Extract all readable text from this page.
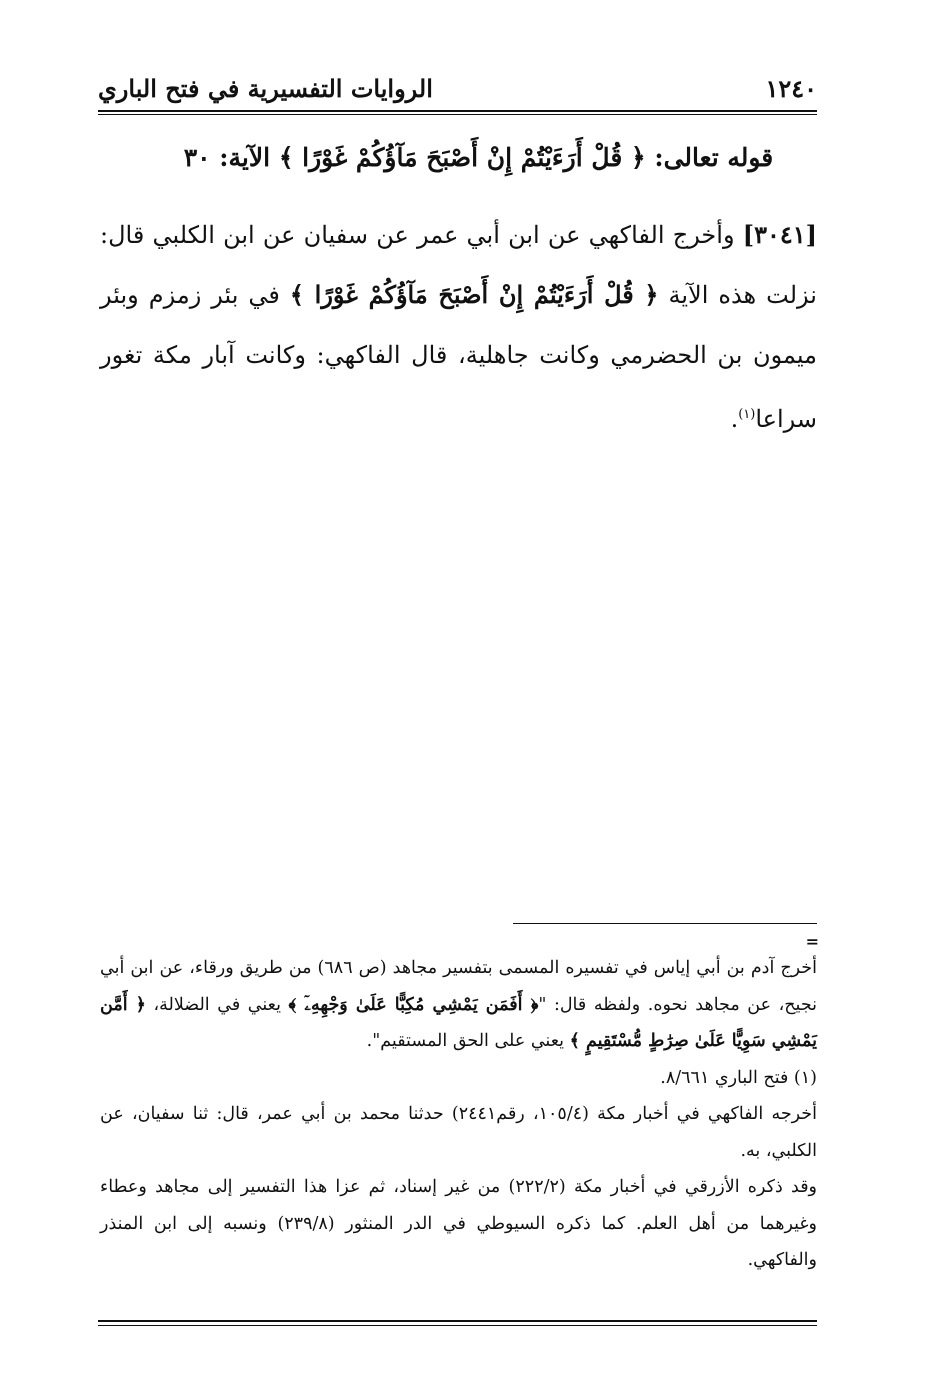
١٢٤٠
الروايات التفسيرية في فتح الباري
قوله تعالى: ﴿ قُلْ أَرَءَيْتُمْ إِنْ أَصْبَحَ مَآؤُكُمْ غَوْرًا ﴾ الآية: ٣٠
[٣٠٤١] وأخرج الفاكهي عن ابن أبي عمر عن سفيان عن ابن الكلبي قال: نزلت هذه الآية ﴿ قُلْ أَرَءَيْتُمْ إِنْ أَصْبَحَ مَآؤُكُمْ غَوْرًا ﴾ في بئر زمزم وبئر ميمون بن الحضرمي وكانت جاهلية، قال الفاكهي: وكانت آبار مكة تغور سراعا$^{(١)}$.
=

أخرج آدم بن أبي إياس في تفسيره المسمى بتفسير مجاهد (ص ٦٨٦) من طريق ورقاء، عن ابن أبي نجيح، عن مجاهد نحوه. ولفظه قال: "﴿ أَفَمَن يَمْشِي مُكِبًّا عَلَىٰ وَجْهِهِۦٓ ﴾ يعني في الضلالة، ﴿ أَمَّن يَمْشِي سَوِيًّا عَلَىٰ صِرَٰطٍ مُّسْتَقِيمٍ ﴾ يعني على الحق المستقيم".

(١) فتح الباري ٨/٦٦١.

أخرجه الفاكهي في أخبار مكة (١٠٥/٤، رقم٢٤٤١) حدثنا محمد بن أبي عمر، قال: ثنا سفيان، عن الكلبي، به.

وقد ذكره الأزرقي في أخبار مكة (٢٢٢/٢) من غير إسناد، ثم عزا هذا التفسير إلى مجاهد وعطاء وغيرهما من أهل العلم. كما ذكره السيوطي في الدر المنثور (٢٣٩/٨) ونسبه إلى ابن المنذر والفاكهي.
